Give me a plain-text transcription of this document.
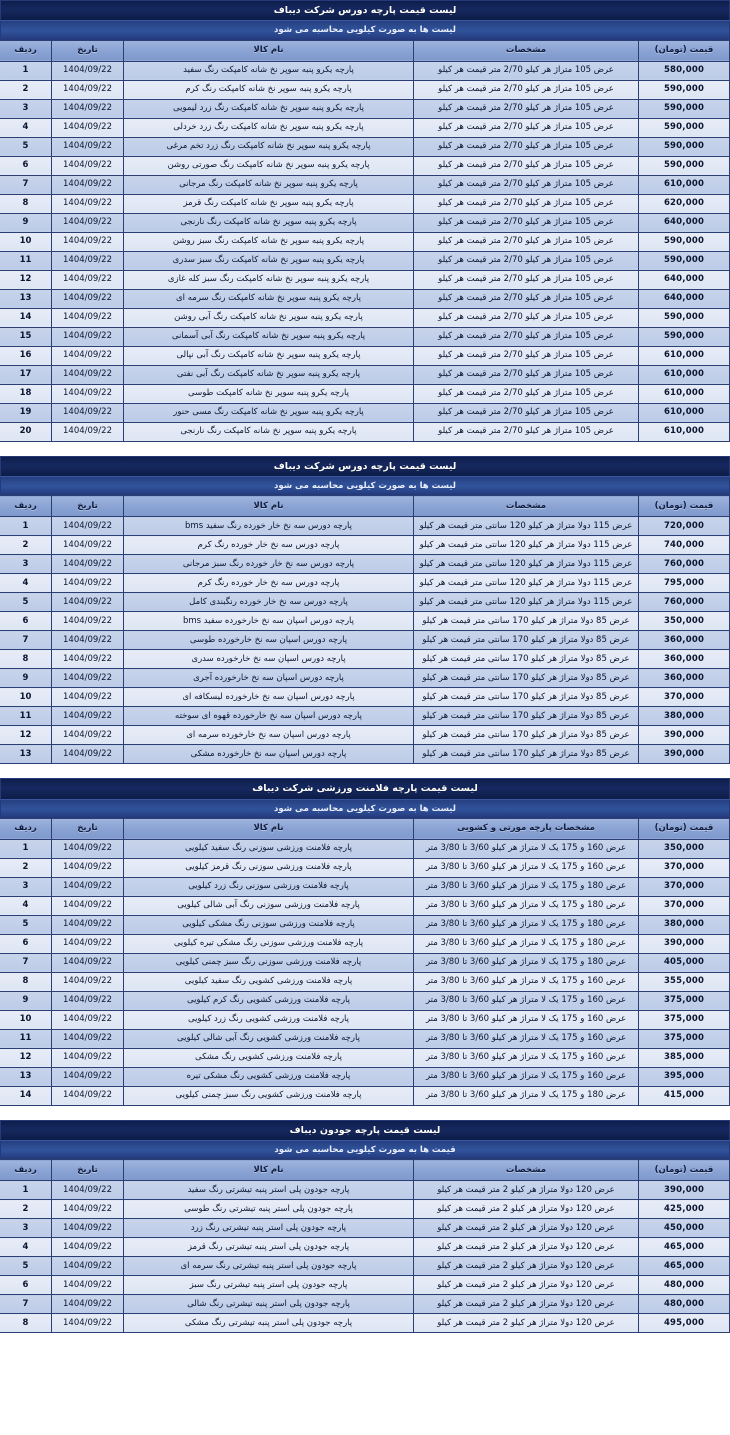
لیست قیمت پارچه دورس شرکت دیباف
لیست ها به صورت کیلویی محاسبه می شود
قیمت (تومان)	مشخصات	نام کالا	تاریخ	ردیف
580,000	عرض 105 متراژ هر کیلو 2/70 متر قیمت هر کیلو	پارچه یکرو پنبه سوپر نخ شانه کامپکت رنگ سفید	1404/09/22	1
590,000	عرض 105 متراژ هر کیلو 2/70 متر قیمت هر کیلو	پارچه یکرو پنبه سوپر نخ شانه کامپکت رنگ کرم	1404/09/22	2
590,000	عرض 105 متراژ هر کیلو 2/70 متر قیمت هر کیلو	پارچه یکرو پنبه سوپر نخ شانه کامپکت رنگ زرد لیمویی	1404/09/22	3
590,000	عرض 105 متراژ هر کیلو 2/70 متر قیمت هر کیلو	پارچه یکرو پنبه سوپر نخ شانه کامپکت رنگ زرد خردلی	1404/09/22	4
590,000	عرض 105 متراژ هر کیلو 2/70 متر قیمت هر کیلو	پارچه یکرو پنبه سوپر نخ شانه کامپکت رنگ زرد تخم مرغی	1404/09/22	5
590,000	عرض 105 متراژ هر کیلو 2/70 متر قیمت هر کیلو	پارچه یکرو پنبه سوپر نخ شانه کامپکت رنگ صورتی روشن	1404/09/22	6
610,000	عرض 105 متراژ هر کیلو 2/70 متر قیمت هر کیلو	پارچه یکرو پنبه سوپر نخ شانه کامپکت رنگ مرجانی	1404/09/22	7
620,000	عرض 105 متراژ هر کیلو 2/70 متر قیمت هر کیلو	پارچه یکرو پنبه سوپر نخ شانه کامپکت رنگ قرمز	1404/09/22	8
640,000	عرض 105 متراژ هر کیلو 2/70 متر قیمت هر کیلو	پارچه یکرو پنبه سوپر نخ شانه کامپکت رنگ نارنجی	1404/09/22	9
590,000	عرض 105 متراژ هر کیلو 2/70 متر قیمت هر کیلو	پارچه یکرو پنبه سوپر نخ شانه کامپکت رنگ سبز روشن	1404/09/22	10
590,000	عرض 105 متراژ هر کیلو 2/70 متر قیمت هر کیلو	پارچه یکرو پنبه سوپر نخ شانه کامپکت رنگ سبز سدری	1404/09/22	11
640,000	عرض 105 متراژ هر کیلو 2/70 متر قیمت هر کیلو	پارچه یکرو پنبه سوپر نخ شانه کامپکت رنگ سبز کله غازی	1404/09/22	12
640,000	عرض 105 متراژ هر کیلو 2/70 متر قیمت هر کیلو	پارچه یکرو پنبه سوپر نخ شانه کامپکت رنگ سرمه ای	1404/09/22	13
590,000	عرض 105 متراژ هر کیلو 2/70 متر قیمت هر کیلو	پارچه یکرو پنبه سوپر نخ شانه کامپکت رنگ آبی روشن	1404/09/22	14
590,000	عرض 105 متراژ هر کیلو 2/70 متر قیمت هر کیلو	پارچه یکرو پنبه سوپر نخ شانه کامپکت رنگ آبی آسمانی	1404/09/22	15
610,000	عرض 105 متراژ هر کیلو 2/70 متر قیمت هر کیلو	پارچه یکرو پنبه سوپر نخ شانه کامپکت رنگ آبی نپالی	1404/09/22	16
610,000	عرض 105 متراژ هر کیلو 2/70 متر قیمت هر کیلو	پارچه یکرو پنبه سوپر نخ شانه کامپکت رنگ آبی نفتی	1404/09/22	17
610,000	عرض 105 متراژ هر کیلو 2/70 متر قیمت هر کیلو	پارچه یکرو پنبه سوپر نخ شانه کامپکت طوسی	1404/09/22	18
610,000	عرض 105 متراژ هر کیلو 2/70 متر قیمت هر کیلو	پارچه یکرو پنبه سوپر نخ شانه کامپکت رنگ مسی حنور	1404/09/22	19
610,000	عرض 105 متراژ هر کیلو 2/70 متر قیمت هر کیلو	پارچه یکرو پنبه سوپر نخ شانه کامپکت رنگ نارنجی	1404/09/22	20
لیست قیمت پارچه دورس شرکت دیباف
لیست ها به صورت کیلویی محاسبه می شود
قیمت (تومان)	مشخصات	نام کالا	تاریخ	ردیف
720,000	عرض 115 دولا متراژ هر کیلو 120 سانتی متر قیمت هر کیلو	پارچه دورس سه نخ خار خورده رنگ سفید bms	1404/09/22	1
740,000	عرض 115 دولا متراژ هر کیلو 120 سانتی متر قیمت هر کیلو	پارچه دورس سه نخ خار خورده رنگ کرم	1404/09/22	2
760,000	عرض 115 دولا متراژ هر کیلو 120 سانتی متر قیمت هر کیلو	پارچه دورس سه نخ خار خورده رنگ سبز مرجانی	1404/09/22	3
795,000	عرض 115 دولا متراژ هر کیلو 120 سانتی متر قیمت هر کیلو	پارچه دورس سه نخ خار خورده رنگ کرم	1404/09/22	4
760,000	عرض 115 دولا متراژ هر کیلو 120 سانتی متر قیمت هر کیلو	پارچه دورس سه نخ خار خورده رنگبندی کامل	1404/09/22	5
350,000	عرض 85 دولا متراژ هر کیلو 170 سانتی متر قیمت هر کیلو	پارچه دورس اسپان سه نخ خارخورده سفید bms	1404/09/22	6
360,000	عرض 85 دولا متراژ هر کیلو 170 سانتی متر قیمت هر کیلو	پارچه دورس اسپان سه نخ خارخورده طوسی	1404/09/22	7
360,000	عرض 85 دولا متراژ هر کیلو 170 سانتی متر قیمت هر کیلو	پارچه دورس اسپان سه نخ خارخورده سدری	1404/09/22	8
360,000	عرض 85 دولا متراژ هر کیلو 170 سانتی متر قیمت هر کیلو	پارچه دورس اسپان سه نخ خارخورده آجری	1404/09/22	9
370,000	عرض 85 دولا متراژ هر کیلو 170 سانتی متر قیمت هر کیلو	پارچه دورس اسپان سه نخ خارخورده لیسکافه ای	1404/09/22	10
380,000	عرض 85 دولا متراژ هر کیلو 170 سانتی متر قیمت هر کیلو	پارچه دورس اسپان سه نخ خارخورده قهوه ای سوخته	1404/09/22	11
390,000	عرض 85 دولا متراژ هر کیلو 170 سانتی متر قیمت هر کیلو	پارچه دورس اسپان سه نخ خارخورده سرمه ای	1404/09/22	12
390,000	عرض 85 دولا متراژ هر کیلو 170 سانتی متر قیمت هر کیلو	پارچه دورس اسپان سه نخ خارخورده مشکی	1404/09/22	13
لیست قیمت پارچه فلامنت ورزشی شرکت دیباف
لیست ها به صورت کیلویی محاسبه می شود
قیمت (تومان)	مشخصات پارچه مورتی و کشویی	نام کالا	تاریخ	ردیف
350,000	عرض 160 و 175 یک لا متراژ هر کیلو 3/60 تا 3/80 متر	پارچه فلامنت ورزشی سوزنی رنگ سفید کیلویی	1404/09/22	1
370,000	عرض 160 و 175 یک لا متراژ هر کیلو 3/60 تا 3/80 متر	پارچه فلامنت ورزشی سوزنی رنگ قرمز کیلویی	1404/09/22	2
370,000	عرض 180 و 175 یک لا متراژ هر کیلو 3/60 تا 3/80 متر	پارچه فلامنت ورزشی سوزنی رنگ زرد کیلویی	1404/09/22	3
370,000	عرض 180 و 175 یک لا متراژ هر کیلو 3/60 تا 3/80 متر	پارچه فلامنت ورزشی سوزنی رنگ آبی شالی کیلویی	1404/09/22	4
380,000	عرض 180 و 175 یک لا متراژ هر کیلو 3/60 تا 3/80 متر	پارچه فلامنت ورزشی سوزنی رنگ مشکی کیلویی	1404/09/22	5
390,000	عرض 180 و 175 یک لا متراژ هر کیلو 3/60 تا 3/80 متر	پارچه فلامنت ورزشی سوزنی رنگ مشکی تیره کیلویی	1404/09/22	6
405,000	عرض 180 و 175 یک لا متراژ هر کیلو 3/60 تا 3/80 متر	پارچه فلامنت ورزشی سوزنی رنگ سبز چمنی کیلویی	1404/09/22	7
355,000	عرض 160 و 175 یک لا متراژ هر کیلو 3/60 تا 3/80 متر	پارچه فلامنت ورزشی کشویی رنگ سفید کیلویی	1404/09/22	8
375,000	عرض 160 و 175 یک لا متراژ هر کیلو 3/60 تا 3/80 متر	پارچه فلامنت ورزشی کشویی رنگ کرم کیلویی	1404/09/22	9
375,000	عرض 160 و 175 یک لا متراژ هر کیلو 3/60 تا 3/80 متر	پارچه فلامنت ورزشی کشویی رنگ زرد کیلویی	1404/09/22	10
375,000	عرض 160 و 175 یک لا متراژ هر کیلو 3/60 تا 3/80 متر	پارچه فلامنت ورزشی کشویی رنگ آبی شالی کیلویی	1404/09/22	11
385,000	عرض 160 و 175 یک لا متراژ هر کیلو 3/60 تا 3/80 متر	پارچه فلامنت ورزشی کشویی رنگ مشکی	1404/09/22	12
395,000	عرض 160 و 175 یک لا متراژ هر کیلو 3/60 تا 3/80 متر	پارچه فلامنت ورزشی کشویی رنگ مشکی تیره	1404/09/22	13
415,000	عرض 180 و 175 یک لا متراژ هر کیلو 3/60 تا 3/80 متر	پارچه فلامنت ورزشی کشویی رنگ سبز چمنی کیلویی	1404/09/22	14
لیست قیمت پارچه جودون دیباف
قیمت ها به صورت کیلویی محاسبه می شود
قیمت (تومان)	مشخصات	نام کالا	تاریخ	ردیف
390,000	عرض 120 دولا متراژ هر کیلو 2 متر قیمت هر کیلو	پارچه جودون پلی استر پنبه تیشرتی رنگ سفید	1404/09/22	1
425,000	عرض 120 دولا متراژ هر کیلو 2 متر قیمت هر کیلو	پارچه جودون پلی استر پنبه تیشرتی رنگ طوسی	1404/09/22	2
450,000	عرض 120 دولا متراژ هر کیلو 2 متر قیمت هر کیلو	پارچه جودون پلی استر پنبه تیشرتی رنگ زرد	1404/09/22	3
465,000	عرض 120 دولا متراژ هر کیلو 2 متر قیمت هر کیلو	پارچه جودون پلی استر پنبه تیشرتی رنگ قرمز	1404/09/22	4
465,000	عرض 120 دولا متراژ هر کیلو 2 متر قیمت هر کیلو	پارچه جودون پلی استر پنبه تیشرتی رنگ سرمه ای	1404/09/22	5
480,000	عرض 120 دولا متراژ هر کیلو 2 متر قیمت هر کیلو	پارچه جودون پلی استر پنبه تیشرتی رنگ سبز	1404/09/22	6
480,000	عرض 120 دولا متراژ هر کیلو 2 متر قیمت هر کیلو	پارچه جودون پلی استر پنبه تیشرتی رنگ شالی	1404/09/22	7
495,000	عرض 120 دولا متراژ هر کیلو 2 متر قیمت هر کیلو	پارچه جودون پلی استر پنبه تیشرتی رنگ مشکی	1404/09/22	8
